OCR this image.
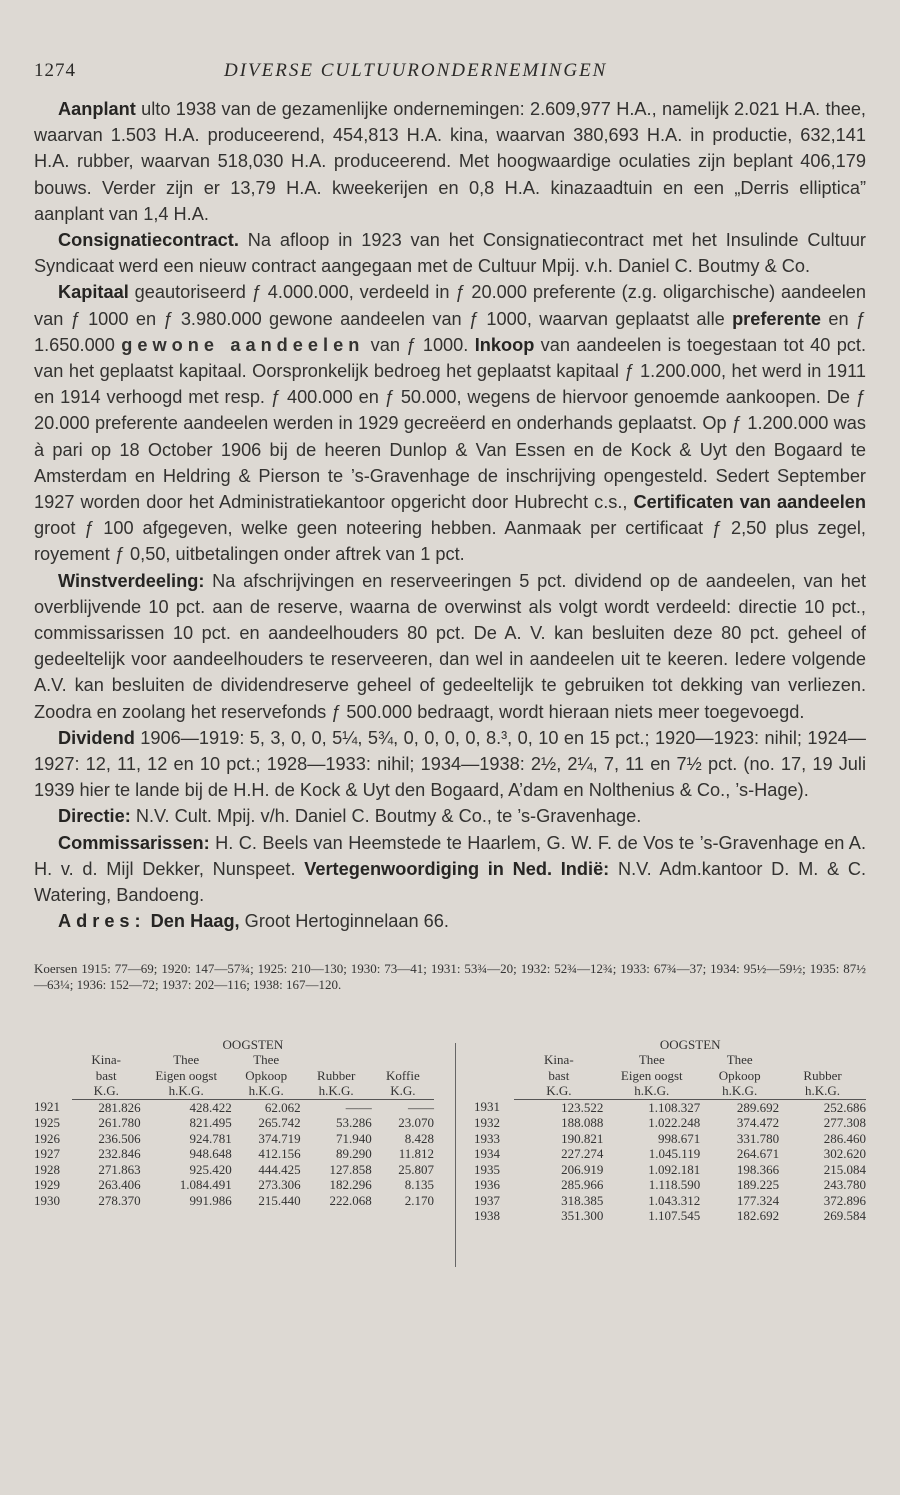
1274	DIVERSE CULTUURONDERNEMINGEN

Aanplant ulto 1938 van de gezamenlijke ondernemingen: 2.609,977 H.A., namelijk 2.021 H.A. thee, waarvan 1.503 H.A. produceerend, 454,813 H.A. kina, waarvan 380,693 H.A. in productie, 632,141 H.A. rubber, waarvan 518,030 H.A. produceerend. Met hoogwaardige oculaties zijn beplant 406,179 bouws. Verder zijn er 13,79 H.A. kweekerijen en 0,8 H.A. kinazaadtuin en een „Derris elliptica” aanplant van 1,4 H.A.

Consignatiecontract. Na afloop in 1923 van het Consignatiecontract met het Insulinde Cultuur Syndicaat werd een nieuw contract aangegaan met de Cultuur Mpij. v.h. Daniel C. Boutmy & Co.

Kapitaal geautoriseerd ƒ 4.000.000, verdeeld in ƒ 20.000 preferente (z.g. oligarchische) aandeelen van ƒ 1000 en ƒ 3.980.000 gewone aandeelen van ƒ 1000, waarvan geplaatst alle preferente en ƒ 1.650.000 gewone aandeelen van ƒ 1000. Inkoop van aandeelen is toegestaan tot 40 pct. van het geplaatst kapitaal. Oorspronkelijk bedroeg het geplaatst kapitaal ƒ 1.200.000, het werd in 1911 en 1914 verhoogd met resp. ƒ 400.000 en ƒ 50.000, wegens de hiervoor genoemde aankoopen. De ƒ 20.000 preferente aandeelen werden in 1929 gecreëerd en onderhands geplaatst. Op ƒ 1.200.000 was à pari op 18 October 1906 bij de heeren Dunlop & Van Essen en de Kock & Uyt den Bogaard te Amsterdam en Heldring & Pierson te ’s-Gravenhage de inschrijving opengesteld. Sedert September 1927 worden door het Administratiekantoor opgericht door Hubrecht c.s., Certificaten van aandeelen groot ƒ 100 afgegeven, welke geen noteering hebben. Aanmaak per certificaat ƒ 2,50 plus zegel, royement ƒ 0,50, uitbetalingen onder aftrek van 1 pct.

Winstverdeeling: Na afschrijvingen en reserveeringen 5 pct. dividend op de aandeelen, van het overblijvende 10 pct. aan de reserve, waarna de overwinst als volgt wordt verdeeld: directie 10 pct., commissarissen 10 pct. en aandeelhouders 80 pct. De A. V. kan besluiten deze 80 pct. geheel of gedeeltelijk voor aandeelhouders te reserveeren, dan wel in aandeelen uit te keeren. Iedere volgende A.V. kan besluiten de dividendreserve geheel of gedeeltelijk te gebruiken tot dekking van verliezen. Zoodra en zoolang het reservefonds ƒ 500.000 bedraagt, wordt hieraan niets meer toegevoegd.

Dividend 1906—1919: 5, 3, 0, 0, 5¼, 5¾, 0, 0, 0, 0, 8.³, 0, 10 en 15 pct.; 1920—1923: nihil; 1924—1927: 12, 11, 12 en 10 pct.; 1928—1933: nihil; 1934—1938: 2½, 2¼, 7, 11 en 7½ pct. (no. 17, 19 Juli 1939 hier te lande bij de H.H. de Kock & Uyt den Bogaard, A’dam en Nolthenius & Co., ’s-Hage).

Directie: N.V. Cult. Mpij. v/h. Daniel C. Boutmy & Co., te ’s-Gravenhage.

Commissarissen: H. C. Beels van Heemstede te Haarlem, G. W. F. de Vos te ’s-Gravenhage en A. H. v. d. Mijl Dekker, Nunspeet. Vertegenwoordiging in Ned. Indië: N.V. Adm.kantoor D. M. & C. Watering, Bandoeng.

Adres: Den Haag, Groot Hertoginnelaan 66.

Koersen 1915: 77—69; 1920: 147—57¾; 1925: 210—130; 1930: 73—41; 1931: 53¾—20; 1932: 52¾—12¾; 1933: 67¾—37; 1934: 95½—59½; 1935: 87½—63¼; 1936: 152—72; 1937: 202—116; 1938: 167—120.
	OOGSTEN				
	Kina-	Thee	Thee		
	bast	Eigen oogst	Opkoop	Rubber	Koffie
	K.G.	h.K.G.	h.K.G.	h.K.G.	K.G.
1921	281.826	428.422	62.062	——	——
1925	261.780	821.495	265.742	53.286	23.070
1926	236.506	924.781	374.719	71.940	8.428
1927	232.846	948.648	412.156	89.290	11.812
1928	271.863	925.420	444.425	127.858	25.807
1929	263.406	1.084.491	273.306	182.296	8.135
1930	278.370	991.986	215.440	222.068	2.170
	OOGSTEN			
	Kina-	Thee	Thee	
	bast	Eigen oogst	Opkoop	Rubber
	K.G.	h.K.G.	h.K.G.	h.K.G.
1931	123.522	1.108.327	289.692	252.686
1932	188.088	1.022.248	374.472	277.308
1933	190.821	998.671	331.780	286.460
1934	227.274	1.045.119	264.671	302.620
1935	206.919	1.092.181	198.366	215.084
1936	285.966	1.118.590	189.225	243.780
1937	318.385	1.043.312	177.324	372.896
1938	351.300	1.107.545	182.692	269.584
